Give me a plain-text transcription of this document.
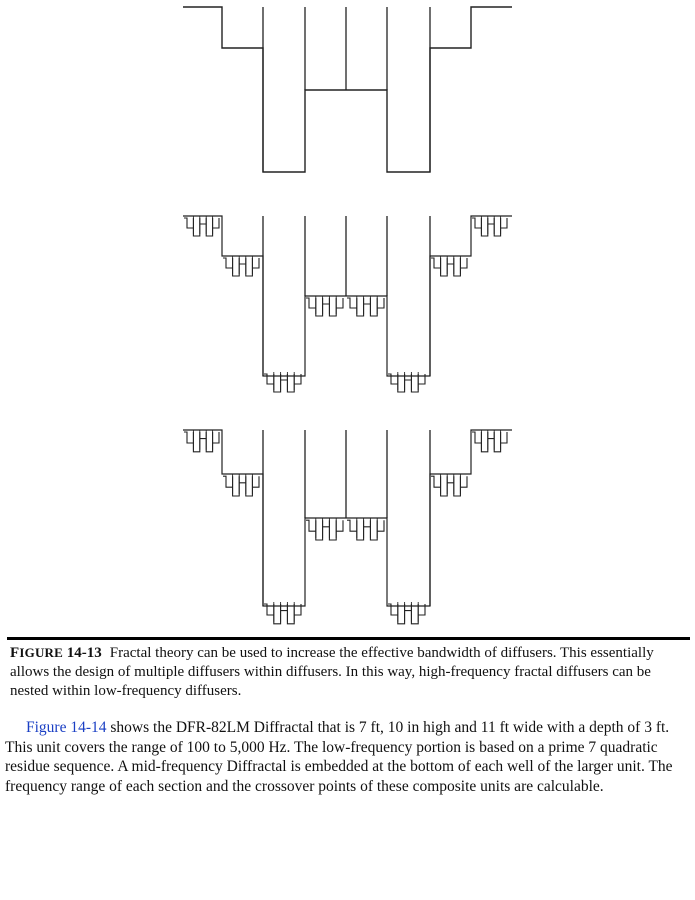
FIGURE 14-13 Fractal theory can be used to increase the effective bandwidth of diffusers. This essentially allows the design of multiple diffusers within diffusers. In this way, high-frequency fractal diffusers can be nested within low-frequency diffusers.
Figure 14-14 shows the DFR-82LM Diffractal that is 7 ft, 10 in high and 11 ft wide with a depth of 3 ft. This unit covers the range of 100 to 5,000 Hz. The low-frequency portion is based on a prime 7 quadratic residue sequence. A mid-frequency Diffractal is embedded at the bottom of each well of the larger unit. The frequency range of each section and the crossover points of these composite units are calculable.
